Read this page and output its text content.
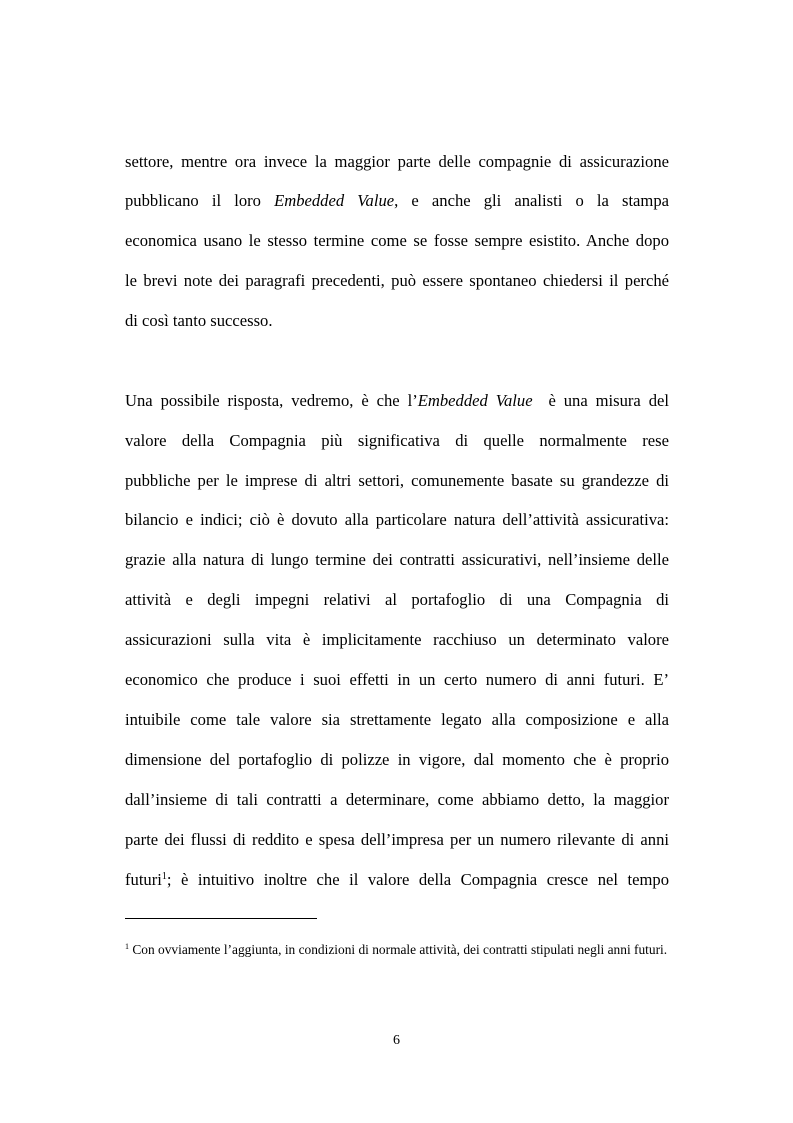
settore, mentre ora invece la maggior parte delle compagnie di assicurazione
pubblicano il loro Embedded Value, e anche gli analisti o la stampa
economica usano le stesso termine come se fosse sempre esistito. Anche dopo
le brevi note dei paragrafi precedenti, può essere spontaneo chiedersi il perché
di così tanto successo.
Una possibile risposta, vedremo, è che l’Embedded Value  è una misura del
valore della Compagnia più significativa di quelle normalmente rese
pubbliche per le imprese di altri settori, comunemente basate su grandezze di
bilancio e indici; ciò è dovuto alla particolare natura dell’attività assicurativa:
grazie alla natura di lungo termine dei contratti assicurativi, nell’insieme delle
attività e degli impegni relativi al portafoglio di una Compagnia di
assicurazioni sulla vita è implicitamente racchiuso un determinato valore
economico che produce i suoi effetti in un certo numero di anni futuri. E’
intuibile come tale valore sia strettamente legato alla composizione e alla
dimensione del portafoglio di polizze in vigore, dal momento che è proprio
dall’insieme di tali contratti a determinare, come abbiamo detto, la maggior
parte dei flussi di reddito e spesa dell’impresa per un numero rilevante di anni
futuri$^1$; è intuitivo inoltre che il valore della Compagnia cresce nel tempo
$^1$ Con ovviamente l’aggiunta, in condizioni di normale attività, dei contratti stipulati negli anni futuri.
6
